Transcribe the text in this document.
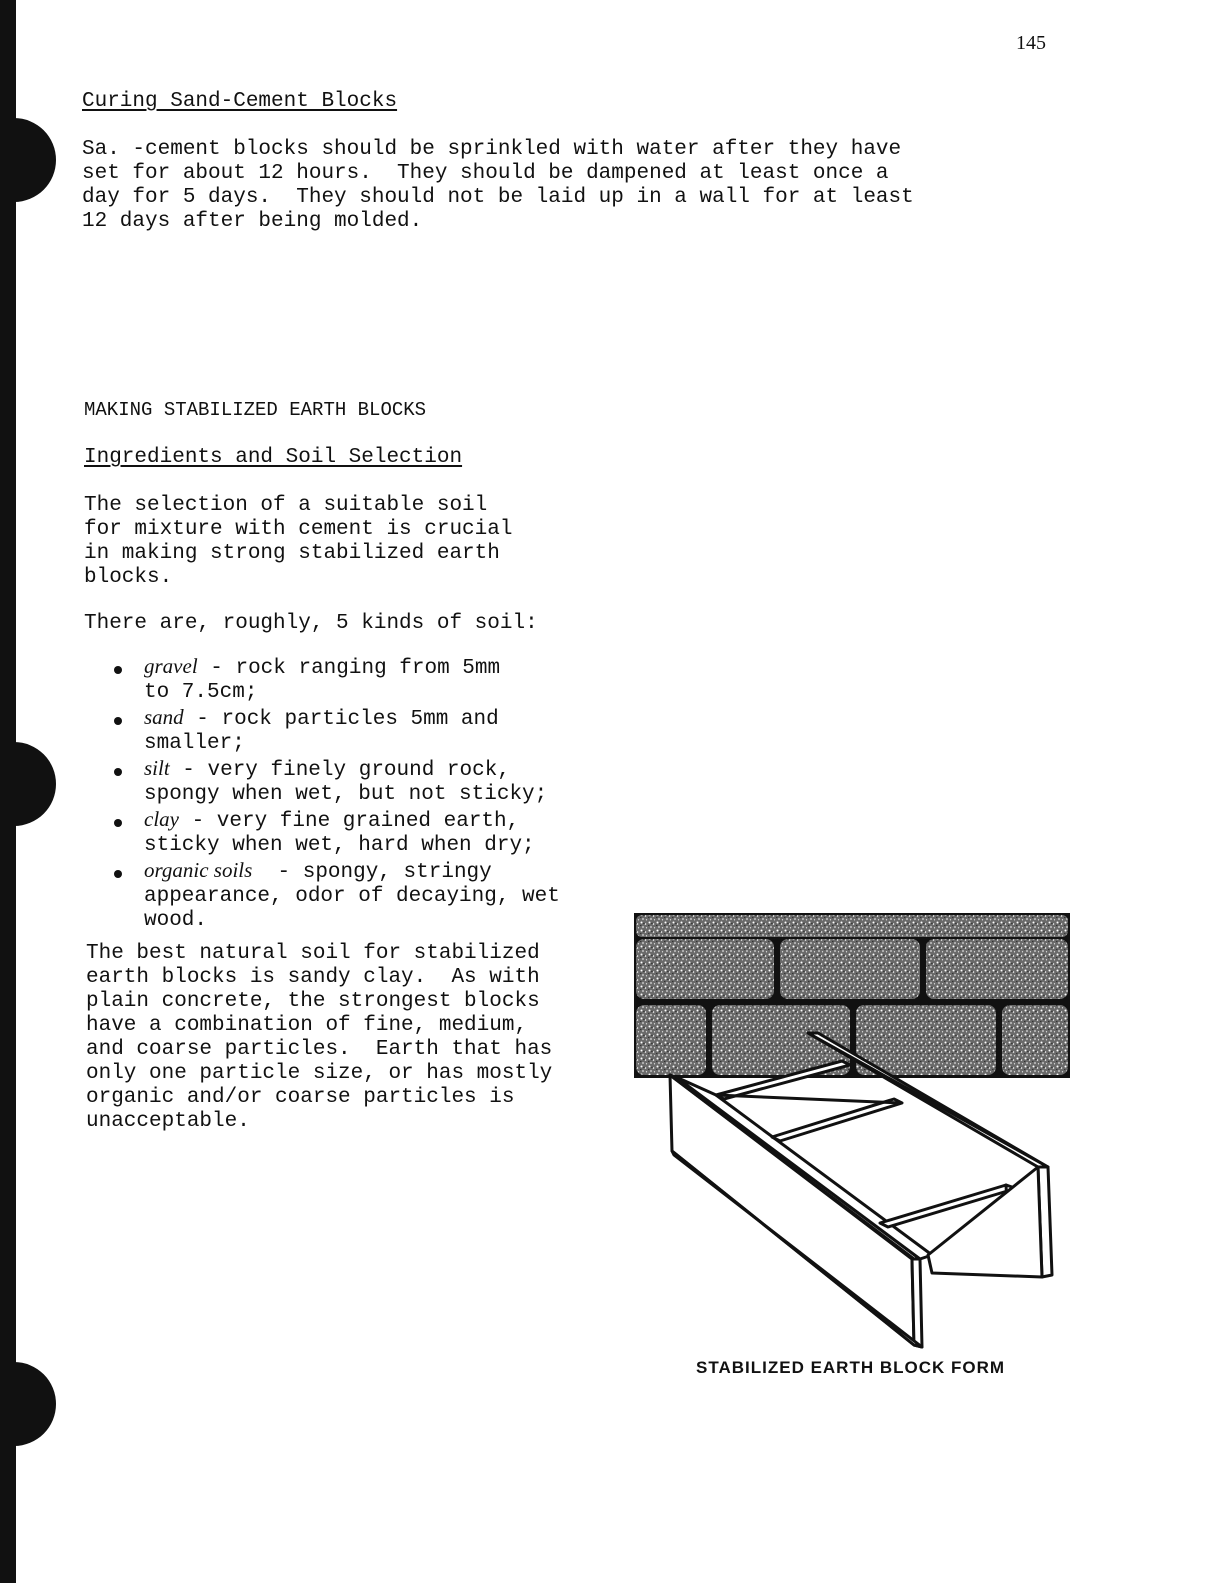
145
Curing Sand-Cement Blocks
Sa. -cement blocks should be sprinkled with water after they have
set for about 12 hours.  They should be dampened at least once a
day for 5 days.  They should not be laid up in a wall for at least
12 days after being molded.
MAKING STABILIZED EARTH BLOCKS
Ingredients and Soil Selection
The selection of a suitable soil
for mixture with cement is crucial
in making strong stabilized earth
blocks.
There are, roughly, 5 kinds of soil:
gravel - rock ranging from 5mm
to 7.5cm;
sand - rock particles 5mm and
smaller;
silt - very finely ground rock,
spongy when wet, but not sticky;
clay - very fine grained earth,
sticky when wet, hard when dry;
organic soils  - spongy, stringy
appearance, odor of decaying, wet
wood.
The best natural soil for stabilized
earth blocks is sandy clay.  As with
plain concrete, the strongest blocks
have a combination of fine, medium,
and coarse particles.  Earth that has
only one particle size, or has mostly
organic and/or coarse particles is
unacceptable.
STABILIZED EARTH BLOCK FORM
